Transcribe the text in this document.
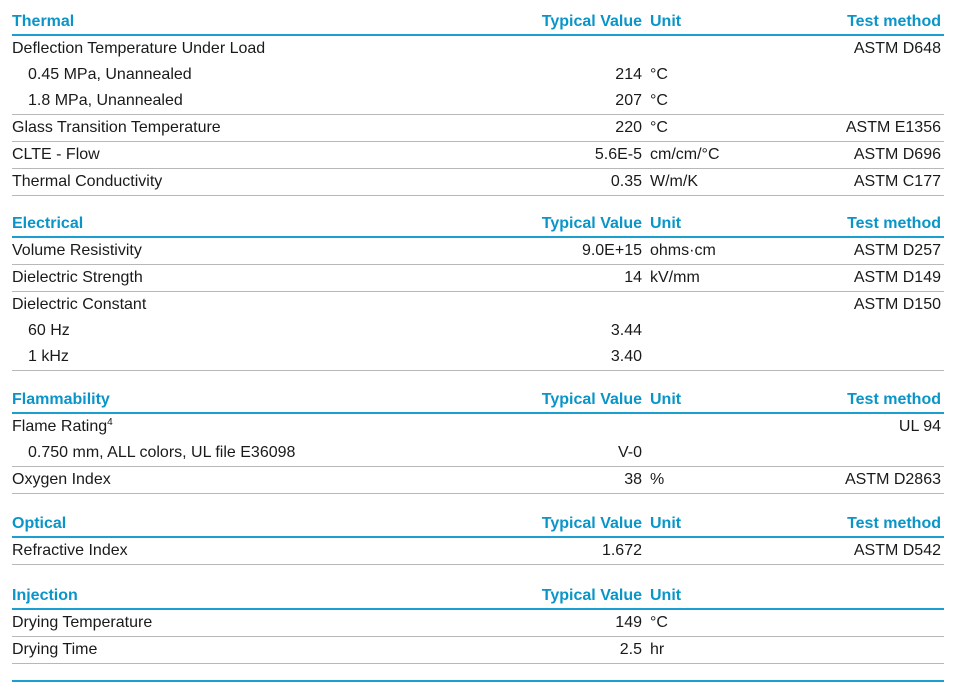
Thermal	Typical Value Unit	Test method
Deflection Temperature Under Load	ASTM D648
0.45 MPa, Unannealed	214 °C
1.8 MPa, Unannealed	207 °C
Glass Transition Temperature	220 °C	ASTM E1356
CLTE - Flow	5.6E-5 cm/cm/°C	ASTM D696
Thermal Conductivity	0.35 W/m/K	ASTM C177
Electrical	Typical Value Unit	Test method
Volume Resistivity	9.0E+15 ohms·cm	ASTM D257
Dielectric Strength	14 kV/mm	ASTM D149
Dielectric Constant	ASTM D150
60 Hz	3.44
1 kHz	3.40
Flammability	Typical Value Unit	Test method
Flame Rating$^4$	UL 94
0.750 mm, ALL colors, UL file E36098	V-0
Oxygen Index	38 %	ASTM D2863
Optical	Typical Value Unit	Test method
Refractive Index	1.672	ASTM D542
Injection	Typical Value Unit
Drying Temperature	149 °C
Drying Time	2.5 hr
